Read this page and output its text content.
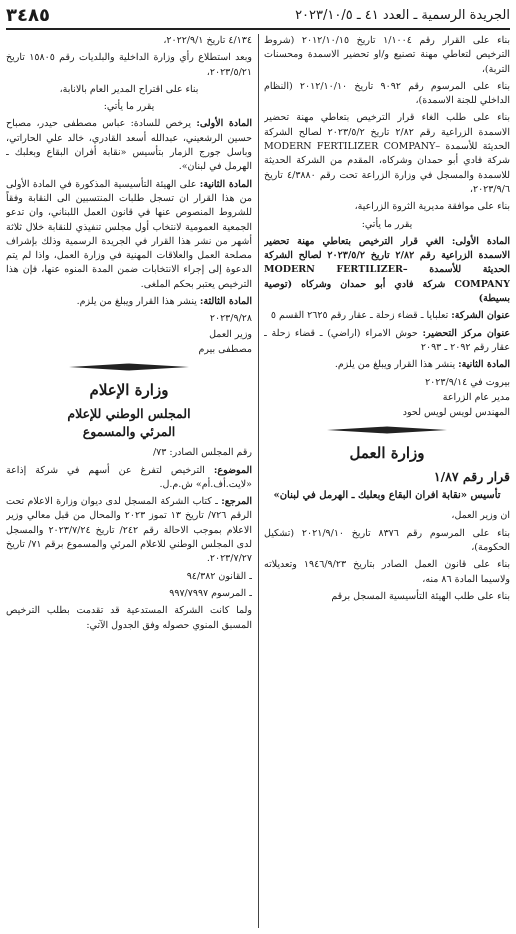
الجريدة الرسمية ـ العدد ٤١ ـ ٢٠٢٣/١٠/٥
٣٤٨٥

بناء على القرار رقم ١/١٠٠٤ تاريخ ٢٠١٢/١٠/١٥ (شروط الترخيص لتعاطي مهنة تصنيع و/او تحضير الاسمدة ومحسنات التربة)،

بناء على المرسوم رقم ٩٠٩٢ تاريخ ٢٠١٢/١٠/١٠ (النظام الداخلي للجنة الاسمدة)،

بناء على طلب الغاء قرار الترخيص بتعاطي مهنة تحضير الاسمدة الزراعية رقم ٢/٨٢ تاريخ ٢٠٢٣/٥/٢ لصالح الشركة الحديثة للأسمدة –MODERN FERTILIZER COMPANY شركة فادي أبو حمدان وشركاه، المقدم من الشركة الحديثة للاسمدة والمسجل في وزارة الزراعة تحت رقم ٤/٣٨٨٠ تاريخ ٢٠٢٣/٩/٦،

بناء على موافقة مديرية الثروة الزراعية،

يقرر ما يأتي:

المادة الأولى: الغي قرار الترخيص بتعاطي مهنة تحضير الاسمدة الزراعية رقم ٢/٨٢ تاريخ ٢٠٢٣/٥/٢ لصالح الشركة الحديثة للأسمدة –MODERN FERTILIZER COMPANY شركة فادي أبو حمدان وشركاه (توصية بسيطة)

عنوان الشركة: تعلبايا ـ قضاء زحلة ـ عقار رقم ٢٦٢٥ القسم ٥

عنوان مركز التحضير: حوش الامراء (اراضي) ـ قضاء زحلة ـ عقار رقم ٢٠٩٢ ـ ٢٠٩٣

المادة الثانية: ينشر هذا القرار ويبلغ من يلزم.

بيروت في ٢٠٢٣/٩/١٤

مدير عام الزراعة

المهندس لويس لويس لحود

وزارة العمل
قرار رقم ١/٨٧
تأسيس «نقابة افران البقاع وبعلبك ـ الهرمل في لبنان»

ان وزير العمل،

بناء على المرسوم رقم ٨٣٧٦ تاريخ ٢٠٢١/٩/١٠ (تشكيل الحكومة)،

بناء على قانون العمل الصادر بتاريخ ١٩٤٦/٩/٢٣ وتعديلاته ولاسيما المادة ٨٦ منه،

بناء على طلب الهيئة التأسيسية المسجل برقم

٤/١٣٤ تاريخ ٢٠٢٢/٩/١،

وبعد استطلاع رأي وزارة الداخلية والبلديات رقم ١٥٨٠٥ تاريخ ٢٠٢٣/٥/٢١،

بناء على اقتراح المدير العام بالانابة،

يقرر ما يأتي:

المادة الأولى: يرخص للسادة: عباس مصطفى حيدر، مصباح حسين الرشعيني، عبدالله أسعد القادري، خالد علي الحاراتي، وباسل جورج الزمار بتأسيس «نقابة أفران البقاع وبعلبك ـ الهرمل في لبنان».

المادة الثانية: على الهيئة التأسيسية المذكورة في المادة الأولى من هذا القرار ان تسجل طلبات المنتسبين الى النقابة وفقاً للشروط المنصوص عنها في قانون العمل اللبناني، وان تدعو الجمعية العمومية لانتخاب أول مجلس تنفيذي للنقابة خلال ثلاثة أشهر من نشر هذا القرار في الجريدة الرسمية وذلك بإشراف مصلحة العمل والعلاقات المهنية في وزارة العمل، واذا لم يتم الدعوة إلى إجراء الانتخابات ضمن المدة المنوه عنها، فإن هذا الترخيص يعتبر بحكم الملغى.

المادة الثالثة: ينشر هذا القرار ويبلغ من يلزم.

٢٠٢٣/٩/٢٨

وزير العمل

مصطفى بيرم

وزارة الإعلام
المجلس الوطني للإعلام
المرئي والمسموع

رقم المجلس الصادر: ٧٣/

الموضوع: الترخيص لتفرغ عن أسهم في شركة إذاعة «لايت.أف.أم» ش.م.ل.

المرجع: ـ كتاب الشركة المسجل لدى ديوان وزارة الاعلام تحت الرقم ٧٢٦/ تاريخ ١٣ تموز ٢٠٢٣ والمحال من قبل معالي وزير الاعلام بموجب الاحالة رقم ٢٤٢/ تاريخ ٢٠٢٣/٧/٢٤ والمسجل لدى المجلس الوطني للاعلام المرئي والمسموع برقم ٧١/ تاريخ ٢٠٢٣/٧/٢٧.

ـ القانون ٩٤/٣٨٢

ـ المرسوم ٩٩٧/٧٩٩٧

ولما كانت الشركة المستدعية قد تقدمت بطلب الترخيص المسبق المنوي حصوله وفق الجدول الآتي:
